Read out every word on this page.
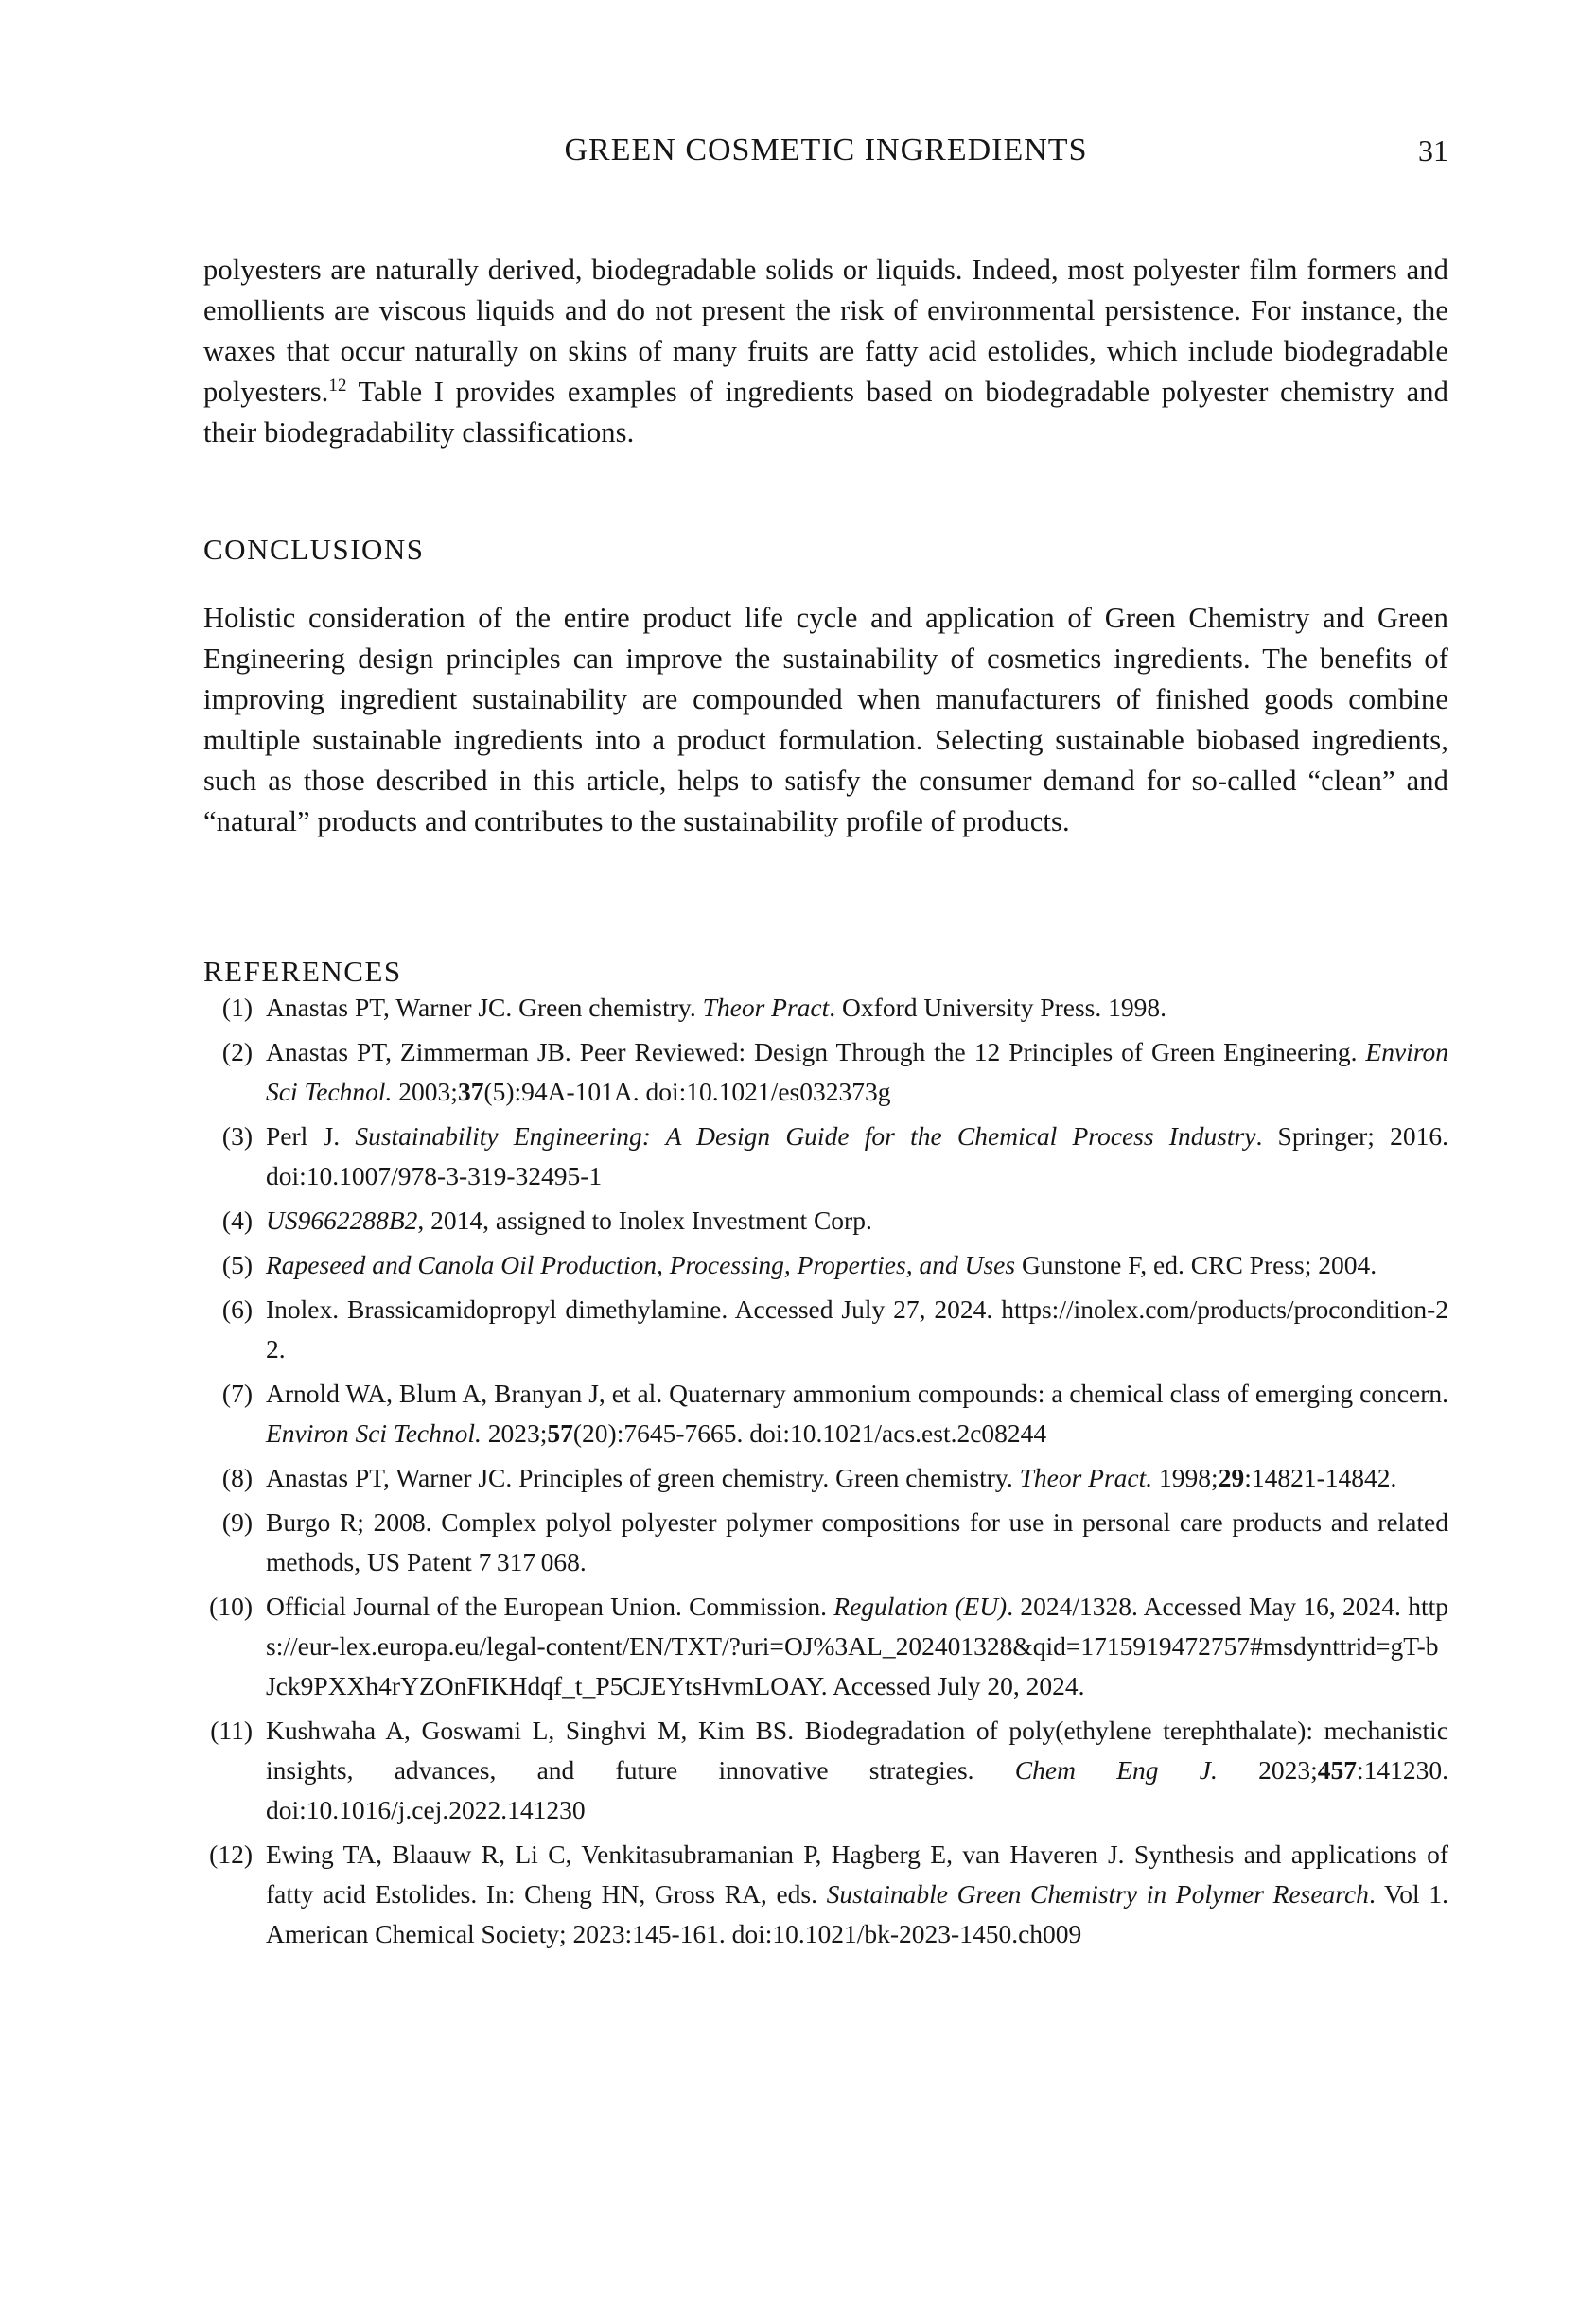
GREEN COSMETIC INGREDIENTS	31

polyesters are naturally derived, biodegradable solids or liquids. Indeed, most polyester film formers and emollients are viscous liquids and do not present the risk of environmental persistence. For instance, the waxes that occur naturally on skins of many fruits are fatty acid estolides, which include biodegradable polyesters.$^{12}$ Table I provides examples of ingredients based on biodegradable polyester chemistry and their biodegradability classifications.

CONCLUSIONS

Holistic consideration of the entire product life cycle and application of Green Chemistry and Green Engineering design principles can improve the sustainability of cosmetics ingredients. The benefits of improving ingredient sustainability are compounded when manufacturers of finished goods combine multiple sustainable ingredients into a product formulation. Selecting sustainable biobased ingredients, such as those described in this article, helps to satisfy the consumer demand for so-called “clean” and “natural” products and contributes to the sustainability profile of products.

REFERENCES
(1) Anastas PT, Warner JC. Green chemistry. Theor Pract. Oxford University Press. 1998.
(2) Anastas PT, Zimmerman JB. Peer Reviewed: Design Through the 12 Principles of Green Engineering. Environ Sci Technol. 2003;37(5):94A-101A. doi:10.1021/es032373g
(3) Perl J. Sustainability Engineering: A Design Guide for the Chemical Process Industry. Springer; 2016. doi:10.1007/978-3-319-32495-1
(4) US9662288B2, 2014, assigned to Inolex Investment Corp.
(5) Rapeseed and Canola Oil Production, Processing, Properties, and Uses Gunstone F, ed. CRC Press; 2004.
(6) Inolex. Brassicamidopropyl dimethylamine. Accessed July 27, 2024. https://inolex.com/products/procondition-22.
(7) Arnold WA, Blum A, Branyan J, et al. Quaternary ammonium compounds: a chemical class of emerging concern. Environ Sci Technol. 2023;57(20):7645-7665. doi:10.1021/acs.est.2c08244
(8) Anastas PT, Warner JC. Principles of green chemistry. Green chemistry. Theor Pract. 1998;29:14821-14842.
(9) Burgo R; 2008. Complex polyol polyester polymer compositions for use in personal care products and related methods, US Patent 7 317 068.
(10) Official Journal of the European Union. Commission. Regulation (EU). 2024/1328. Accessed May 16, 2024. https://eur-lex.europa.eu/legal-content/EN/TXT/?uri=OJ%3AL_202401328&qid=1715919472757#msdynttrid=gT-bJck9PXXh4rYZOnFIKHdqf_t_P5CJEYtsHvmLOAY. Accessed July 20, 2024.
(11) Kushwaha A, Goswami L, Singhvi M, Kim BS. Biodegradation of poly(ethylene terephthalate): mechanistic insights, advances, and future innovative strategies. Chem Eng J. 2023;457:141230. doi:10.1016/j.cej.2022.141230
(12) Ewing TA, Blaauw R, Li C, Venkitasubramanian P, Hagberg E, van Haveren J. Synthesis and applications of fatty acid Estolides. In: Cheng HN, Gross RA, eds. Sustainable Green Chemistry in Polymer Research. Vol 1. American Chemical Society; 2023:145-161. doi:10.1021/bk-2023-1450.ch009
